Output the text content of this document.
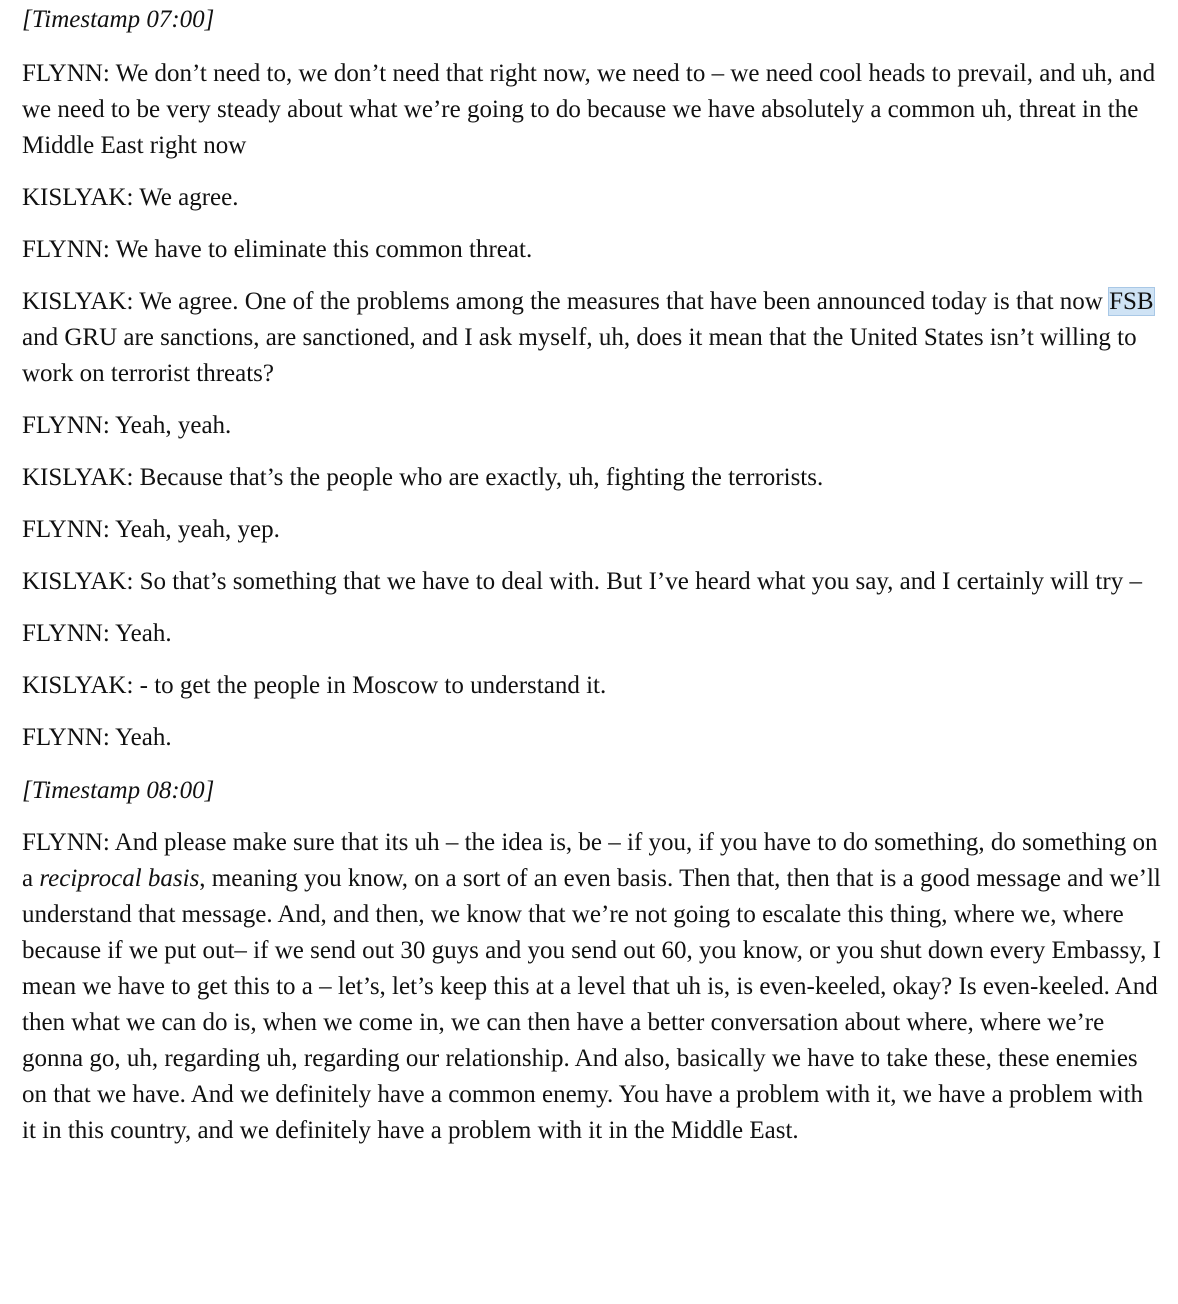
[Timestamp 07:00]

FLYNN: We don’t need to, we don’t need that right now, we need to – we need cool heads to prevail, and uh, and we need to be very steady about what we’re going to do because we have absolutely a common uh, threat in the Middle East right now

KISLYAK: We agree.

FLYNN: We have to eliminate this common threat.

KISLYAK: We agree. One of the problems among the measures that have been announced today is that now FSB and GRU are sanctions, are sanctioned, and I ask myself, uh, does it mean that the United States isn’t willing to work on terrorist threats?

FLYNN: Yeah, yeah.

KISLYAK: Because that’s the people who are exactly, uh, fighting the terrorists.

FLYNN: Yeah, yeah, yep.

KISLYAK: So that’s something that we have to deal with. But I’ve heard what you say, and I certainly will try –

FLYNN: Yeah.

KISLYAK: - to get the people in Moscow to understand it.

FLYNN: Yeah.

[Timestamp 08:00]

FLYNN: And please make sure that its uh – the idea is, be – if you, if you have to do something, do something on a reciprocal basis, meaning you know, on a sort of an even basis. Then that, then that is a good message and we’ll understand that message. And, and then, we know that we’re not going to escalate this thing, where we, where because if we put out– if we send out 30 guys and you send out 60, you know, or you shut down every Embassy, I mean we have to get this to a – let’s, let’s keep this at a level that uh is, is even-keeled, okay? Is even-keeled. And then what we can do is, when we come in, we can then have a better conversation about where, where we’re gonna go, uh, regarding uh, regarding our relationship. And also, basically we have to take these, these enemies on that we have. And we definitely have a common enemy. You have a problem with it, we have a problem with it in this country, and we definitely have a problem with it in the Middle East.
